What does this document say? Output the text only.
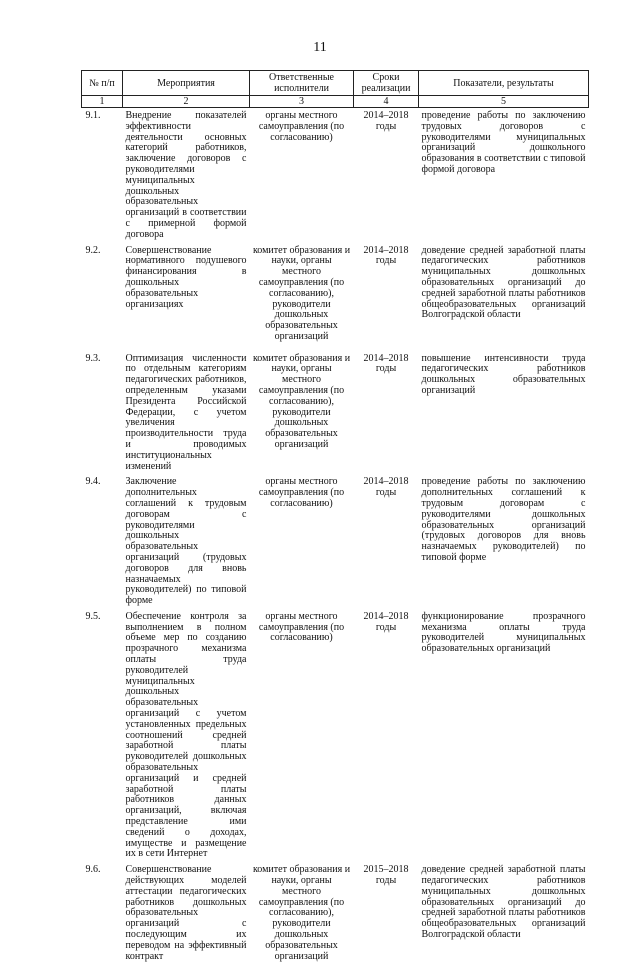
11
№ п/п	Мероприятия	Ответственные исполнители	Сроки реализации	Показатели, результаты
1	2	3	4	5
9.1.	Внедрение показателей эффективности деятельности основных категорий работников, заключение договоров с руководителями муниципальных дошкольных образовательных организаций в соответствии с примерной формой договора	органы местного самоуправления (по согласованию)	2014–2018 годы	проведение работы по заключению трудовых договоров с руководителями муниципальных организаций дошкольного образования в соответствии с типовой формой договора
9.2.	Совершенствование нормативного подушевого финансирования в дошкольных образовательных организациях	комитет образования и науки, органы местного самоуправления (по согласованию), руководители дошкольных образовательных организаций	2014–2018 годы	доведение средней заработной платы педагогических работников муниципальных дошкольных образовательных организаций до средней заработной платы работников общеобразовательных организаций Волгоградской области
9.3.	Оптимизация численности по отдельным категориям педагогических работников, определенным указами Президента Российской Федерации, с учетом увеличения производительности труда и проводимых институциональных изменений	комитет образования и науки, органы местного самоуправления (по согласованию), руководители дошкольных образовательных организаций	2014–2018 годы	повышение интенсивности труда педагогических работников дошкольных образовательных организаций
9.4.	Заключение дополнительных соглашений к трудовым договорам с руководителями дошкольных образовательных организаций (трудовых договоров для вновь назначаемых руководителей) по типовой форме	органы местного самоуправления (по согласованию)	2014–2018 годы	проведение работы по заключению дополнительных соглашений к трудовым договорам с руководителями дошкольных образовательных организаций (трудовых договоров для вновь назначаемых руководителей) по типовой форме
9.5.	Обеспечение контроля за выполнением в полном объеме мер по созданию прозрачного механизма оплаты труда руководителей муниципальных дошкольных образовательных организаций с учетом установленных предельных соотношений средней заработной платы руководителей дошкольных образовательных организаций и средней заработной платы работников данных организаций, включая представление ими сведений о доходах, имуществе и размещение их в сети Интернет	органы местного самоуправления (по согласованию)	2014–2018 годы	функционирование прозрачного механизма оплаты труда руководителей муниципальных образовательных организаций
9.6.	Совершенствование действующих моделей аттестации педагогических работников дошкольных образовательных организаций с последующим их переводом на эффективный контракт	комитет образования и науки, органы местного самоуправления (по согласованию), руководители дошкольных образовательных организаций	2015–2018 годы	доведение средней заработной платы педагогических работников муниципальных дошкольных образовательных организаций до средней заработной платы работников общеобразовательных организаций Волгоградской области
